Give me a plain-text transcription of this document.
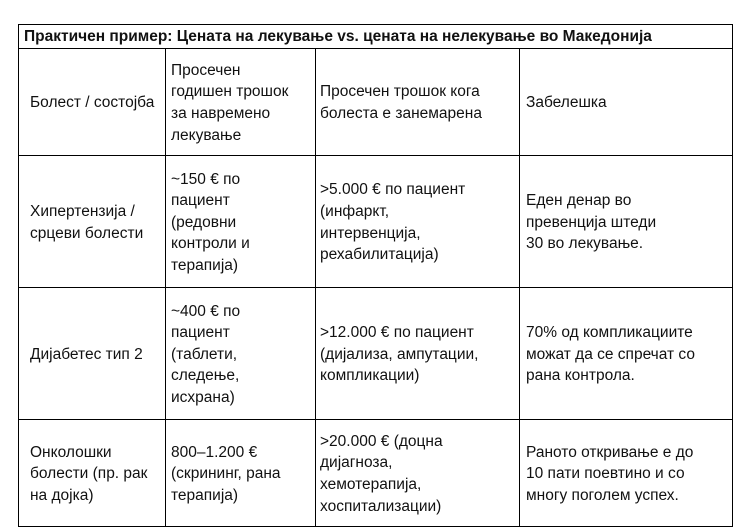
Практичен пример: Цената на лекување vs. цената на нелекување во Македонија			

Болест / состојба	Просечен
годишен трошок
за навремено
лекување	Просечен трошок кога
болеста е занемарена	Забелешка

Хипертензија /
срцеви болести	~150 € по
пациент
(редовни
контроли и
терапија)	>5.000 € по пациент
(инфаркт,
интервенција,
рехабилитација)	Еден денар во
превенција штеди
30 во лекување.

Дијабетес тип 2	~400 € по
пациент
(таблети,
следење,
исхрана)	>12.000 € по пациент
(дијализа, ампутации,
компликации)	70% од компликациите
можат да се спречат со
рана контрола.

Онколошки
болести (пр. рак
на дојка)	800–1.200 €
(скрининг, рана
терапија)	>20.000 € (доцна
дијагноза,
хемотерапија,
хоспитализации)	Раното откривање е до
10 пати поевтино и со
многу поголем успех.
